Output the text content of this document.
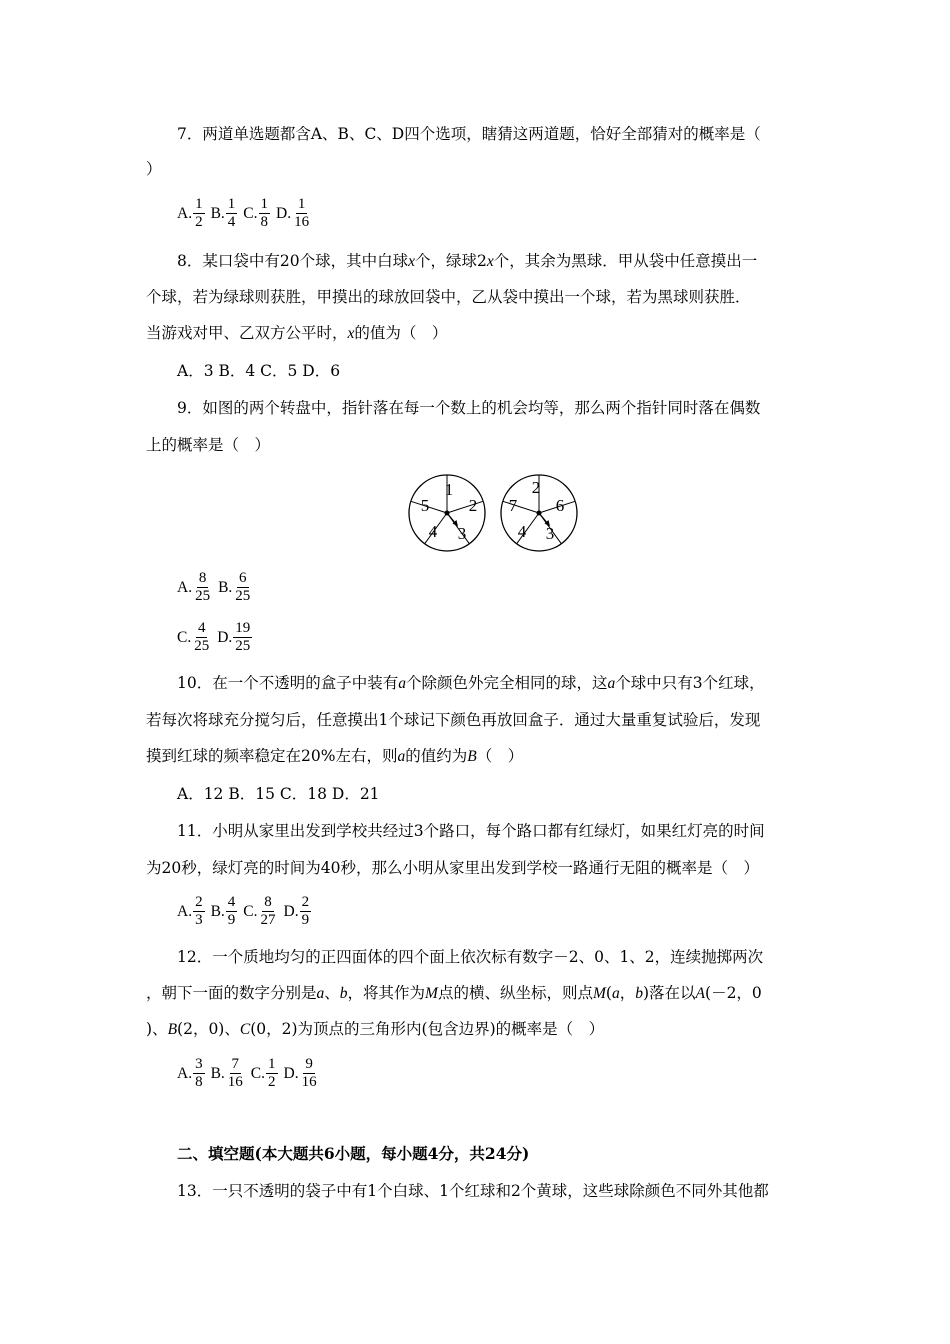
7．两道单选题都含A、B、C、D四个选项，瞎猜这两道题，恰好全部猜对的概率是（
）
A. $\frac{1}{2} B$. $\frac{1}{4} C$. $\frac{1}{8} D$. $\frac{1}{16}$
8．某口袋中有20个球，其中白球x个，绿球2x个，其余为黑球．甲从袋中任意摸出一
个球，若为绿球则获胜，甲摸出的球放回袋中，乙从袋中摸出一个球，若为黑球则获胜．
当游戏对甲、乙双方公平时，x的值为（　）
A．3 B．4 C．5 D．6
9．如图的两个转盘中，指针落在每一个数上的机会均等，那么两个指针同时落在偶数
上的概率是（　）
1
2
3
4
5
2
6
3
4
7
A. $\frac{8}{25} B$. $\frac{6}{25}$
C. $\frac{4}{25} D$. $\frac{19}{25}$
10．在一个不透明的盒子中装有a个除颜色外完全相同的球，这a个球中只有3个红球，
若每次将球充分搅匀后，任意摸出1个球记下颜色再放回盒子．通过大量重复试验后，发现
摸到红球的频率稳定在20%左右，则a的值约为B（　）
A．12 B．15 C．18 D．21
11．小明从家里出发到学校共经过3个路口，每个路口都有红绿灯，如果红灯亮的时间
为20秒，绿灯亮的时间为40秒，那么小明从家里出发到学校一路通行无阻的概率是（　）
A. $\frac{2}{3} B$. $\frac{4}{9} C$. $\frac{8}{27} D$. $\frac{2}{9}$
12．一个质地均匀的正四面体的四个面上依次标有数字－2、0、1、2，连续抛掷两次
，朝下一面的数字分别是a、b，将其作为M点的横、纵坐标，则点M(a，b)落在以A(－2，0
)、B(2，0)、C(0，2)为顶点的三角形内(包含边界)的概率是（　）
A. $\frac{3}{8} B$. $\frac{7}{16} C$. $\frac{1}{2} D$. $\frac{9}{16}$
二、填空题(本大题共6小题，每小题4分，共24分)
13．一只不透明的袋子中有1个白球、1个红球和2个黄球，这些球除颜色不同外其他都
